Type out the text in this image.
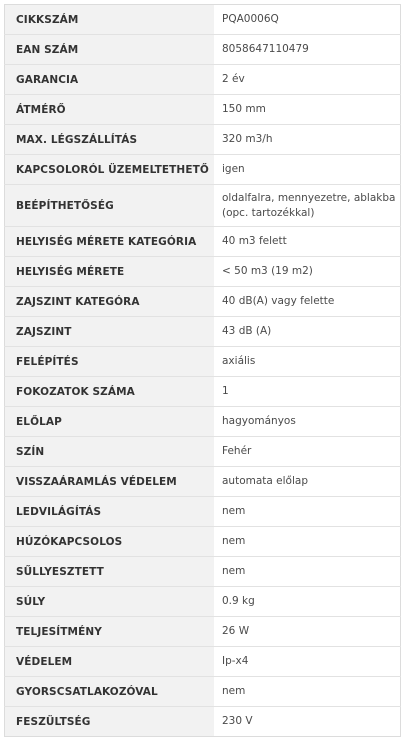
CIKKSZÁM	PQA0006Q
EAN SZÁM	8058647110479
GARANCIA	2 év
ÁTMÉRŐ	150 mm
MAX. LÉGSZÁLLÍTÁS	320 m3/h
KAPCSOLORÓL ÜZEMELTETHETŐ	igen
BEÉPÍTHETŐSÉG	oldalfalra, mennyezetre, ablakba (opc. tartozékkal)
HELYISÉG MÉRETE KATEGÓRIA	40 m3 felett
HELYISÉG MÉRETE	< 50 m3 (19 m2)
ZAJSZINT KATEGÓRA	40 dB(A) vagy felette
ZAJSZINT	43 dB (A)
FELÉPÍTÉS	axiális
FOKOZATOK SZÁMA	1
ELŐLAP	hagyományos
SZÍN	Fehér
VISSZAÁRAMLÁS VÉDELEM	automata előlap
LEDVILÁGÍTÁS	nem
HÚZÓKAPCSOLOS	nem
SŰLLYESZTETT	nem
SÚLY	0.9 kg
TELJESÍTMÉNY	26 W
VÉDELEM	Ip-x4
GYORSCSATLAKOZÓVAL	nem
FESZÜLTSÉG	230 V
